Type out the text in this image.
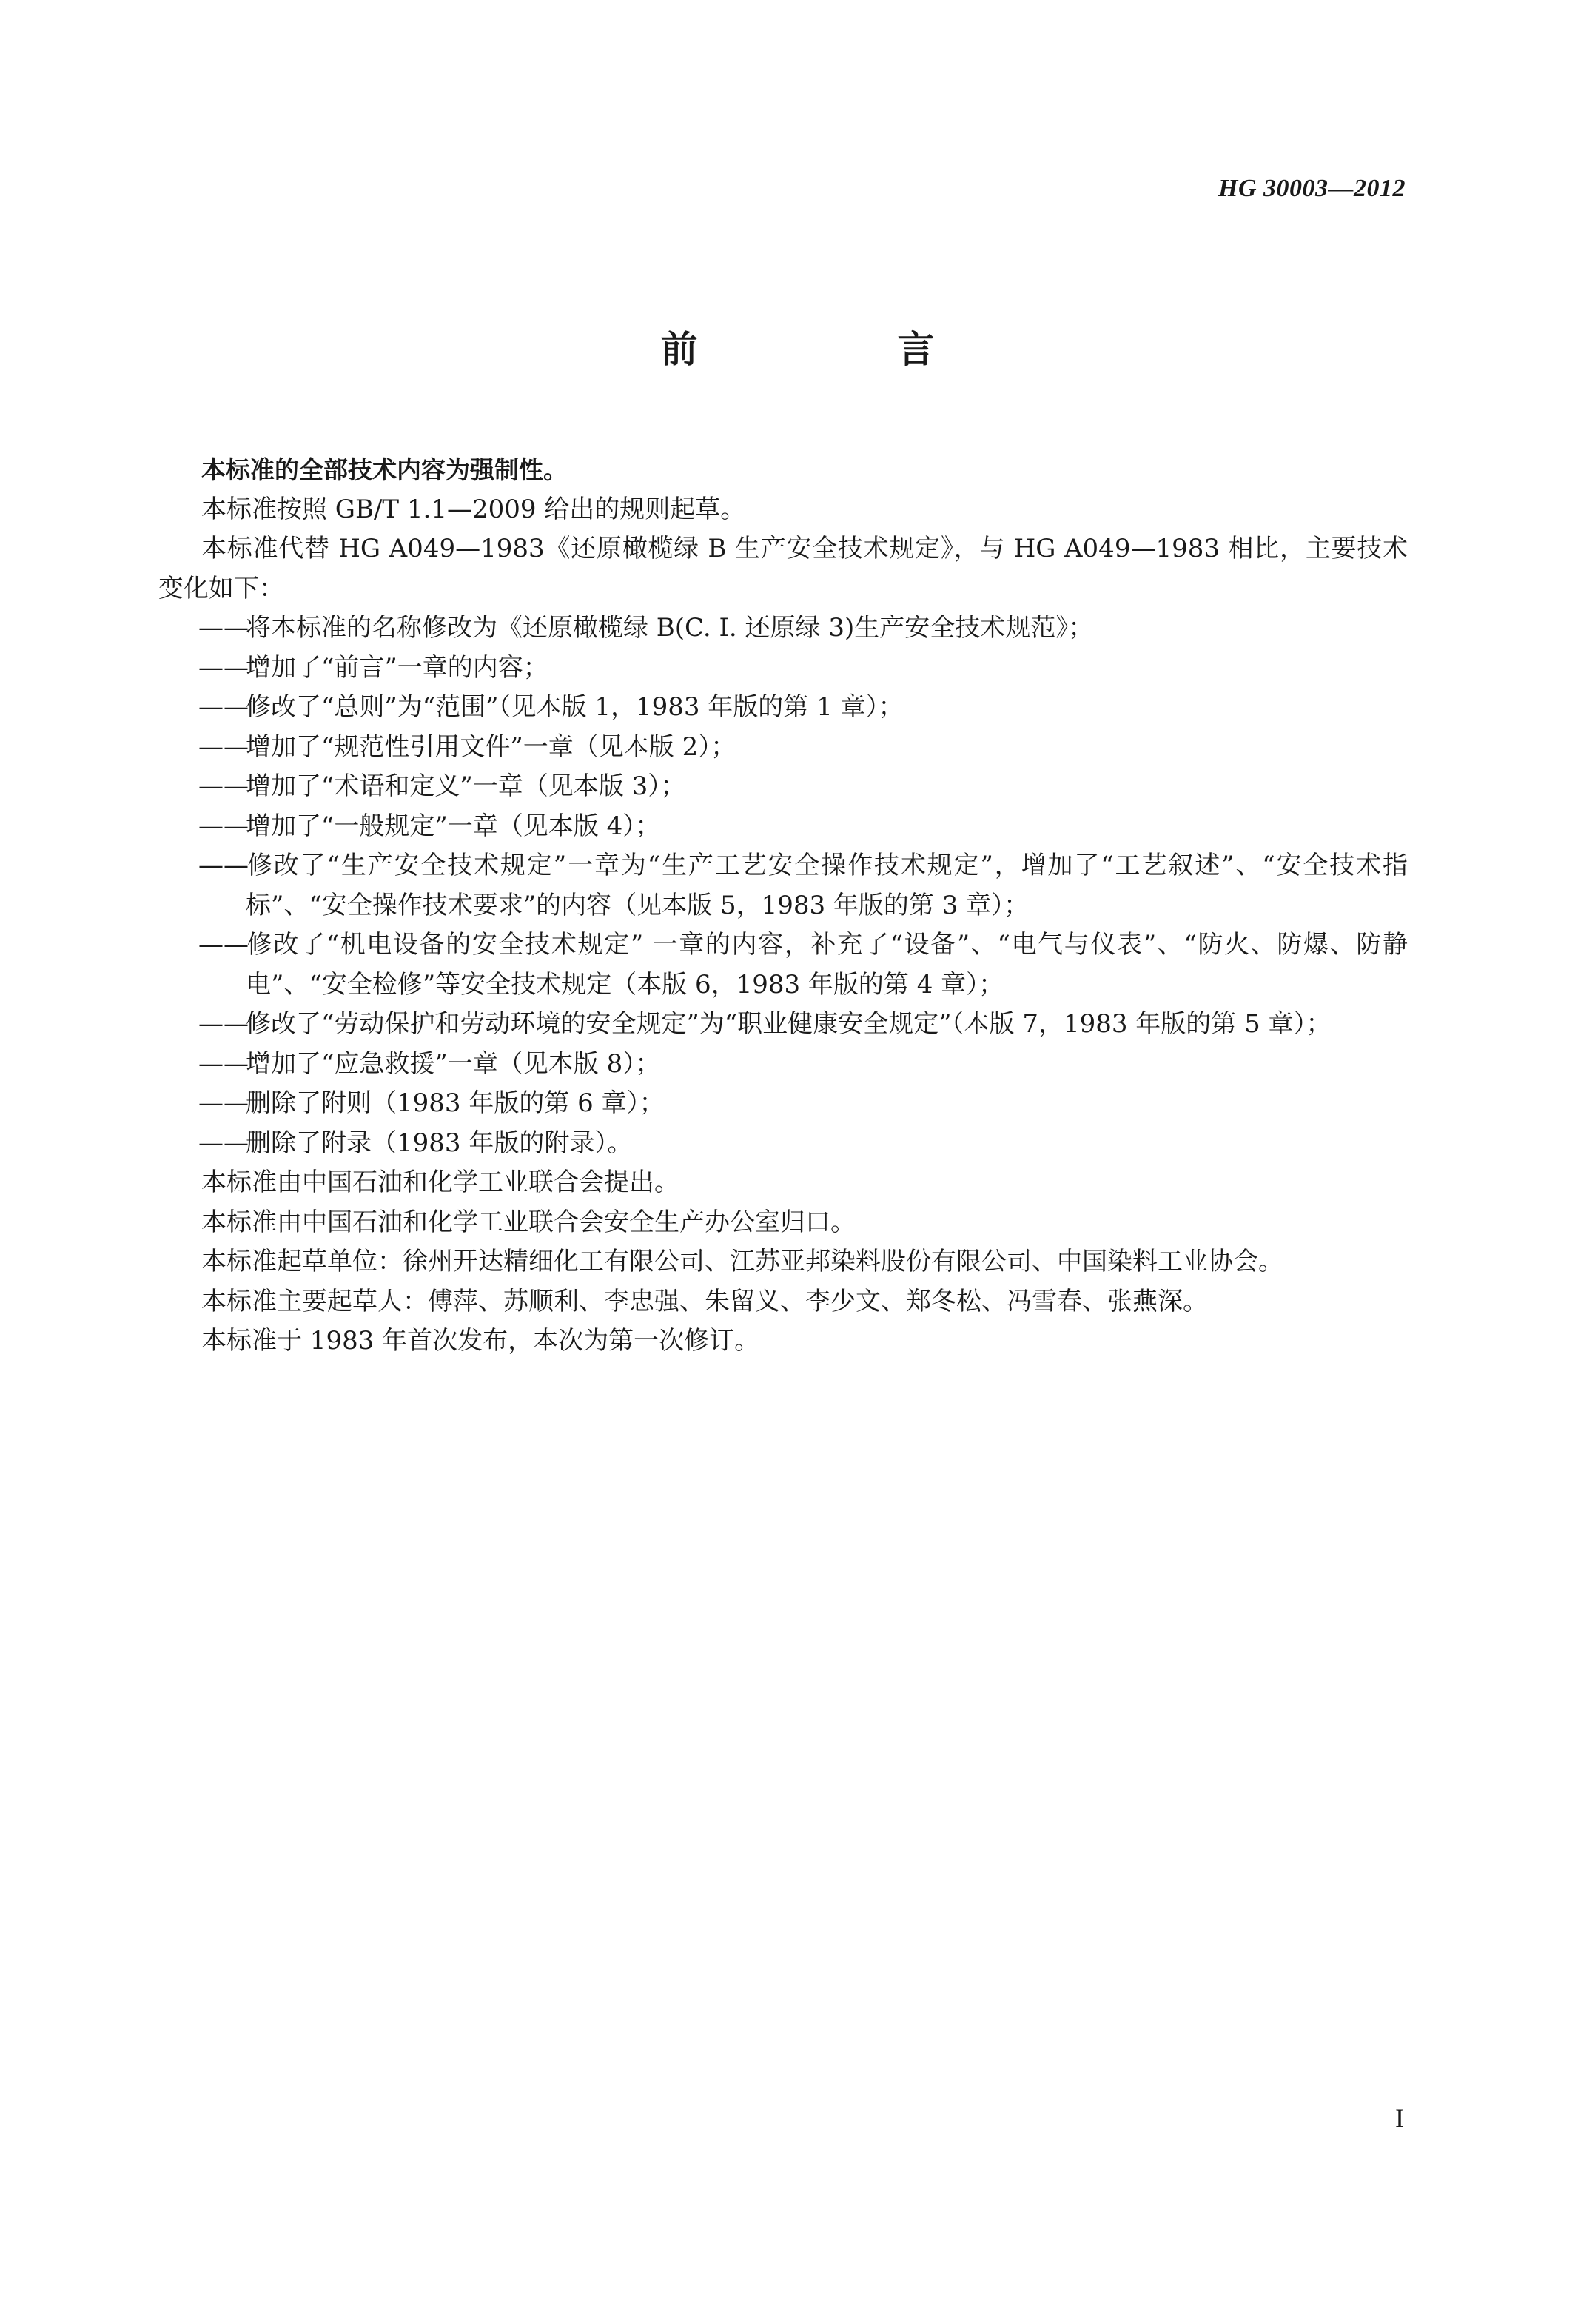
HG 30003—2012
前　言

本标准的全部技术内容为强制性。

本标准按照 GB/T 1.1—2009 给出的规则起草。

本标准代替 HG A049—1983《还原橄榄绿 B 生产安全技术规定》，与 HG A049—1983 相比，主要技术变化如下：

——将本标准的名称修改为《还原橄榄绿 B(C. I. 还原绿 3)生产安全技术规范》；

——增加了“前言”一章的内容；

——修改了“总则”为“范围”（见本版 1，1983 年版的第 1 章）；

——增加了“规范性引用文件”一章（见本版 2）；

——增加了“术语和定义”一章（见本版 3）；

——增加了“一般规定”一章（见本版 4）；

——修改了“生产安全技术规定”一章为“生产工艺安全操作技术规定”，增加了“工艺叙述”、“安全技术指标”、“安全操作技术要求”的内容（见本版 5，1983 年版的第 3 章）；

——修改了“机电设备的安全技术规定” 一章的内容，补充了“设备”、“电气与仪表”、“防火、防爆、防静电”、“安全检修”等安全技术规定（本版 6，1983 年版的第 4 章）；

——修改了“劳动保护和劳动环境的安全规定”为“职业健康安全规定”（本版 7，1983 年版的第 5 章）；

——增加了“应急救援”一章（见本版 8）；

——删除了附则（1983 年版的第 6 章）；

——删除了附录（1983 年版的附录）。

本标准由中国石油和化学工业联合会提出。

本标准由中国石油和化学工业联合会安全生产办公室归口。

本标准起草单位：徐州开达精细化工有限公司、江苏亚邦染料股份有限公司、中国染料工业协会。

本标准主要起草人：傅萍、苏顺利、李忠强、朱留义、李少文、郑冬松、冯雪春、张燕深。

本标准于 1983 年首次发布，本次为第一次修订。

I
